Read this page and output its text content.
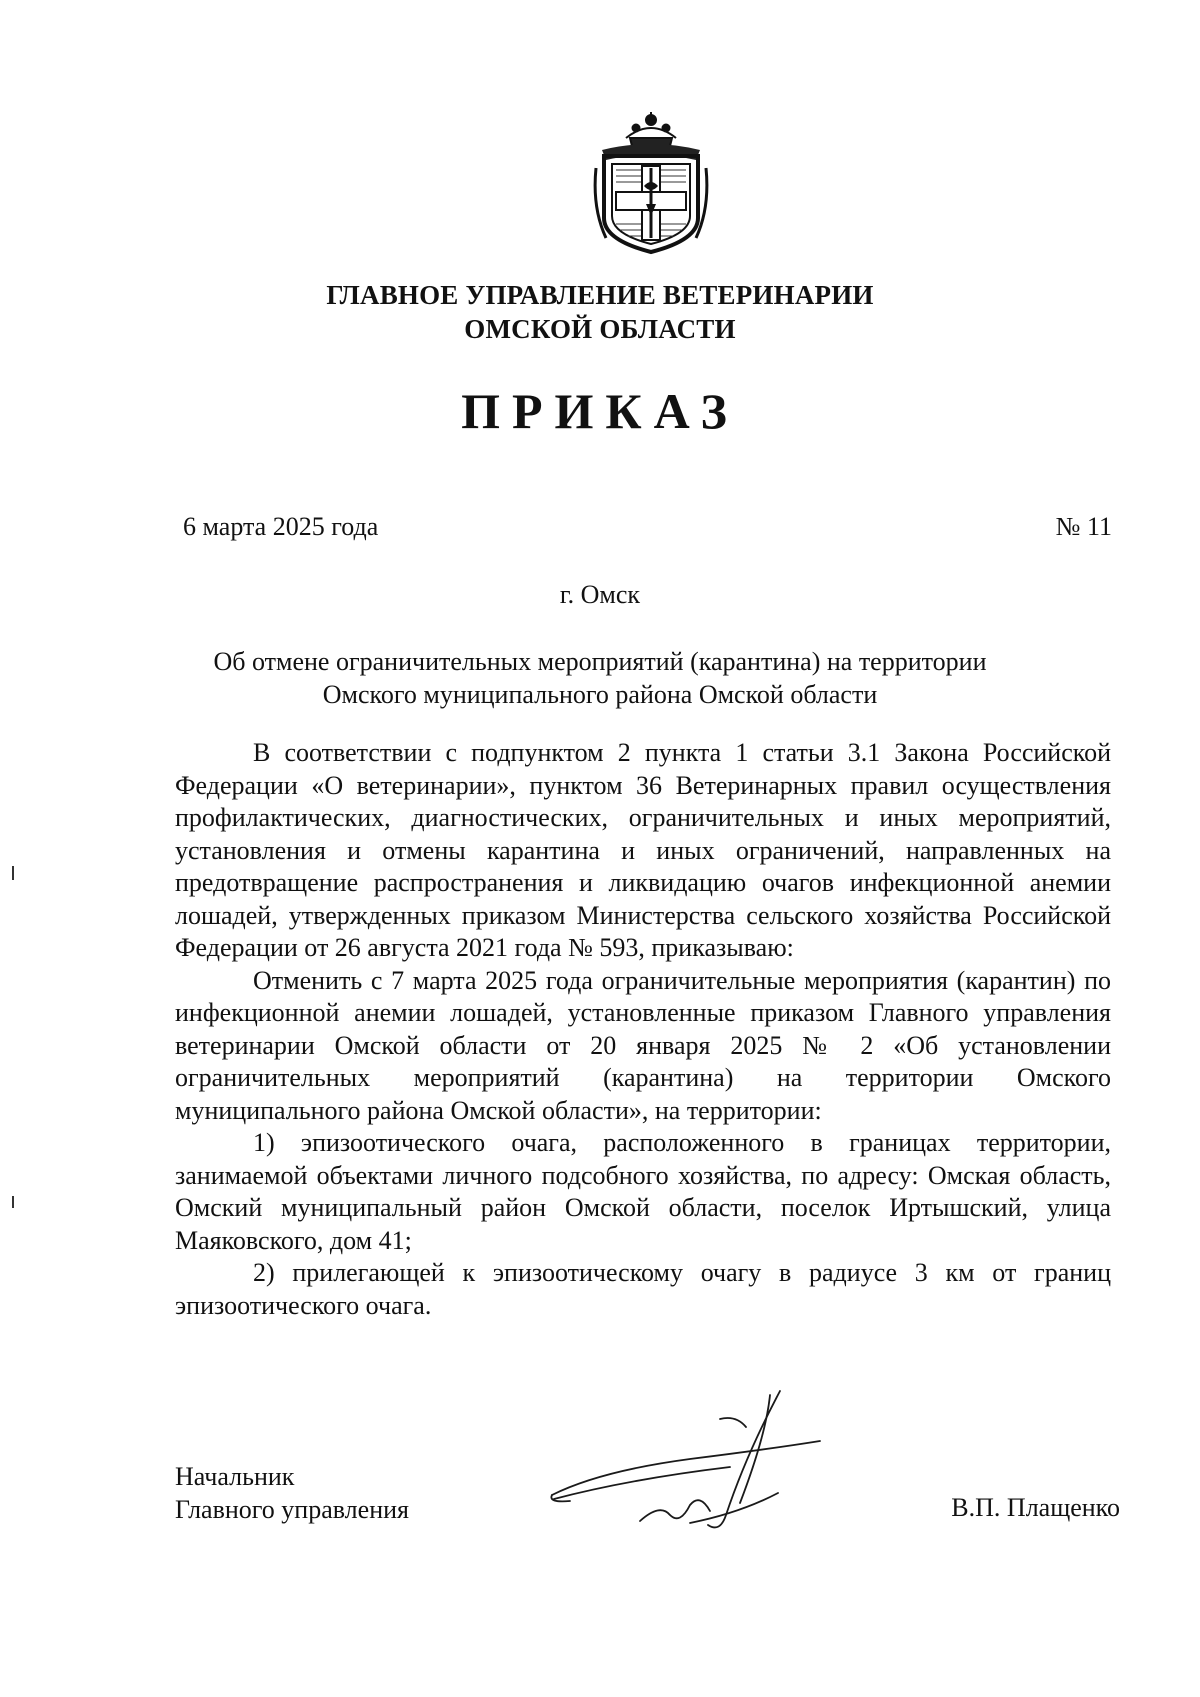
ГЛАВНОЕ УПРАВЛЕНИЕ ВЕТЕРИНАРИИ
ОМСКОЙ ОБЛАСТИ
ПРИКАЗ
6 марта 2025 года	№ 11
г. Омск
Об отмене ограничительных мероприятий (карантина) на территории
Омского муниципального района Омской области

В соответствии с подпунктом 2 пункта 1 статьи 3.1 Закона Российской Федерации «О ветеринарии», пунктом 36 Ветеринарных правил осуществления профилактических, диагностических, ограничительных и иных мероприятий, установления и отмены карантина и иных ограничений, направленных на предотвращение распространения и ликвидацию очагов инфекционной анемии лошадей, утвержденных приказом Министерства сельского хозяйства Российской Федерации от 26 августа 2021 года № 593, приказываю:

Отменить с 7 марта 2025 года ограничительные мероприятия (карантин) по инфекционной анемии лошадей, установленные приказом Главного управления ветеринарии Омской области от 20 января 2025 № 2 «Об установлении ограничительных мероприятий (карантина) на территории Омского муниципального района Омской области», на территории:

1) эпизоотического очага, расположенного в границах территории, занимаемой объектами личного подсобного хозяйства, по адресу: Омская область, Омский муниципальный район Омской области, поселок Иртышский, улица Маяковского, дом 41;

2) прилегающей к эпизоотическому очагу в радиусе 3 км от границ эпизоотического очага.

Начальник
Главного управления	В.П. Плащенко
